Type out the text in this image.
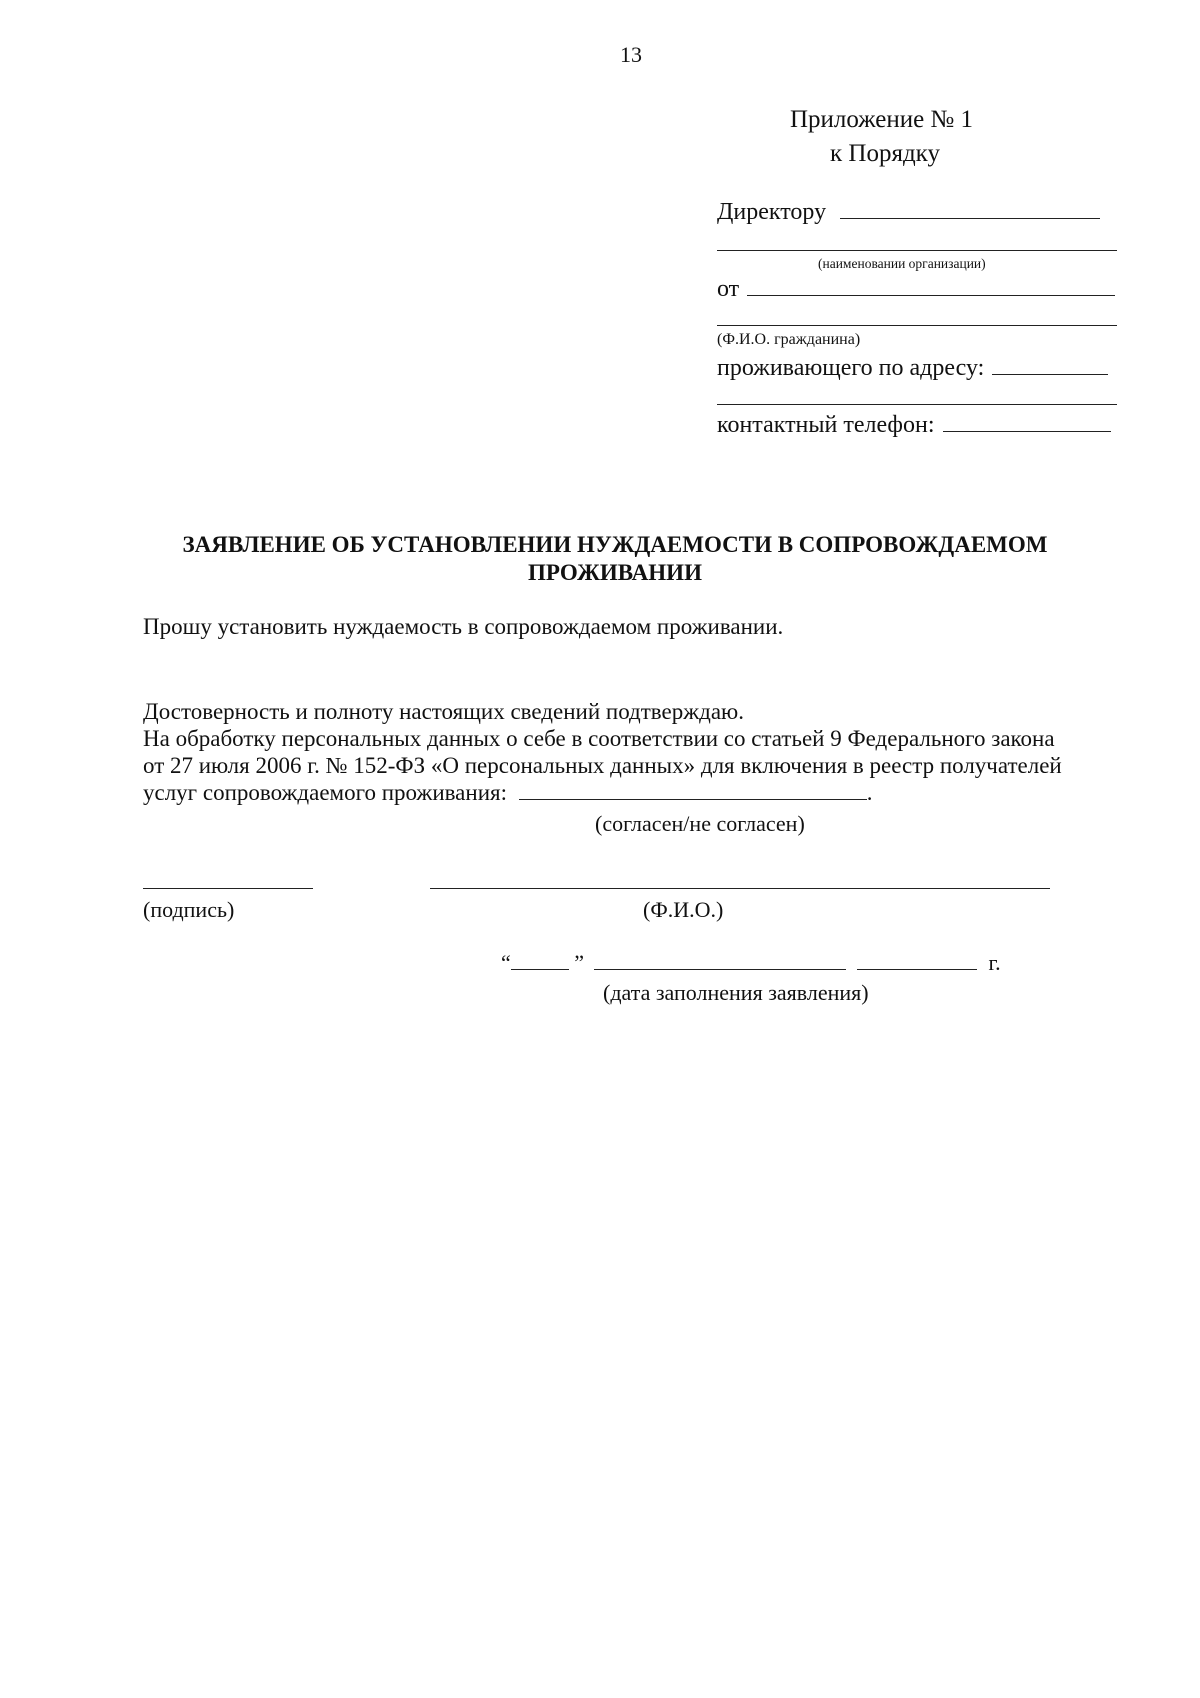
13
Приложение № 1
к Порядку
Директору
(наименовании организации)
от
(Ф.И.О. гражданина)
проживающего по адресу:
контактный телефон:
ЗАЯВЛЕНИЕ ОБ УСТАНОВЛЕНИИ НУЖДАЕМОСТИ В СОПРОВОЖДАЕМОМ
ПРОЖИВАНИИ
Прошу установить нуждаемость в сопровождаемом проживании.
Достоверность и полноту настоящих сведений подтверждаю.
На обработку персональных данных о себе в соответствии со статьей 9 Федерального закона
от 27 июля 2006 г. № 152-ФЗ «О персональных данных» для включения в реестр получателей
услуг сопровождаемого проживания:	.
(согласен/не согласен)
(подпись)	(Ф.И.О.)
“	”	г.
(дата заполнения заявления)
